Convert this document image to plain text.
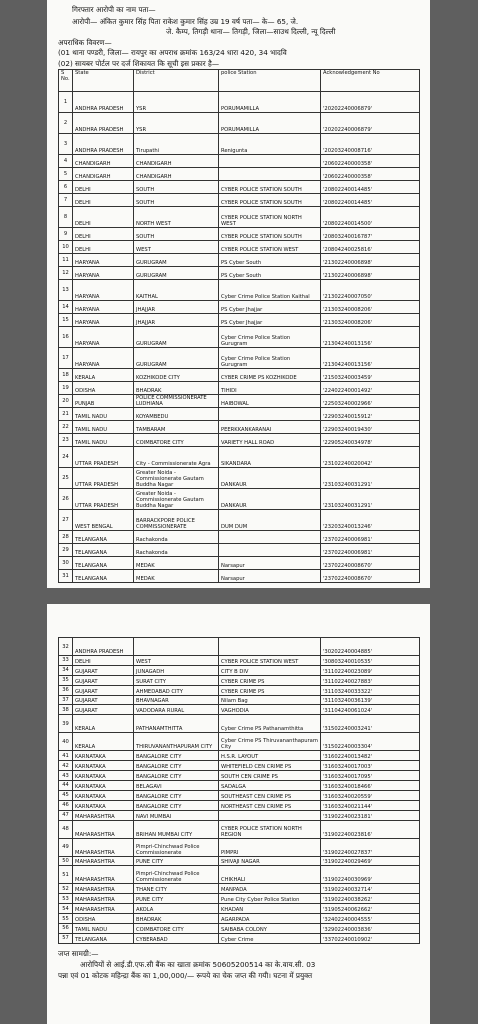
गिरफ्तार आरोपी का नाम पता—
आरोपी— अंकित कुमार सिंह पिता राकेश कुमार सिंह उम्र 19 वर्ष पता— के— 65, जे.
जे. कैम्प, तिगड़ी थाना— तिगड़ी, जिला—साउथ दिल्ली, न्यू दिल्ली
अपराधिक विवरण—
(01 थाना पण्डरी, जिला— रायपुर का अपराध क्रमांक 163/24 धारा 420, 34 भादवि
(02) सायबर पोर्टल पर दर्ज शिकायत कि सूची इस प्रकार है—
S No.	State	District	police Station	Acknowledgement No
1	ANDHRA PRADESH	YSR	PORUMAMILLA	'20202240006879'
2	ANDHRA PRADESH	YSR	PORUMAMILLA	'20202240006879'
3	ANDHRA PRADESH	Tirupathi	Renigunta	'20203240008716'
4	CHANDIGARH	CHANDIGARH		'20602240000358'
5	CHANDIGARH	CHANDIGARH		'20602240000358'
6	DELHI	SOUTH	CYBER POLICE STATION SOUTH	'20802240014485'
7	DELHI	SOUTH	CYBER POLICE STATION SOUTH	'20802240014485'
8	DELHI	NORTH WEST	CYBER POLICE STATION NORTH WEST	'20802240014500'
9	DELHI	SOUTH	CYBER POLICE STATION SOUTH	'20803240016787'
10	DELHI	WEST	CYBER POLICE STATION WEST	'20804240025816'
11	HARYANA	GURUGRAM	PS Cyber South	'21302240006898'
12	HARYANA	GURUGRAM	PS Cyber South	'21302240006898'
13	HARYANA	KAITHAL	Cyber Crime Police Station Kaithal	'21302240007050'
14	HARYANA	JHAJJAR	PS Cyber Jhajjar	'21303240008206'
15	HARYANA	JHAJJAR	PS Cyber Jhajjar	'21303240008206'
16	HARYANA	GURUGRAM	Cyber Crime Police Station Gurugram	'21304240013156'
17	HARYANA	GURUGRAM	Cyber Crime Police Station Gurugram	'21304240013156'
18	KERALA	KOZHIKODE CITY	CYBER CRIME PS KOZHIKODE	'21503240003459'
19	ODISHA	BHADRAK	TIHIDI	'22402240001492'
20	PUNJAB	POLICE COMMISSIONERATE LUDHIANA	HAIBOWAL	'22503240002966'
21	TAMIL NADU	KOYAMBEDU		'22903240015912'
22	TAMIL NADU	TAMBARAM	PEERKKANKARANAI	'22903240019430'
23	TAMIL NADU	COIMBATORE CITY	VARIETY HALL ROAD	'22905240034978'
24	UTTAR PRADESH	City - Commissionerate Agra	SIKANDARA	'23102240020042'
25	UTTAR PRADESH	Greater Noida - Commissionerate Gautam Buddha Nagar	DANKAUR	'23103240031291'
26	UTTAR PRADESH	Greater Noida - Commissionerate Gautam Buddha Nagar	DANKAUR	'23103240031291'
27	WEST BENGAL	BARRACKPORE POLICE COMMISSIONERATE	DUM DUM	'23203240013246'
28	TELANGANA	Rachakonda		'23702240006981'
29	TELANGANA	Rachakonda		'23702240006981'
30	TELANGANA	MEDAK	Narsapur	'23702240008670'
31	TELANGANA	MEDAK	Narsapur	'23702240008670'
32	ANDHRA PRADESH			'30202240004885'
33	DELHI	WEST	CYBER POLICE STATION WEST	'30803240010535'
34	GUJARAT	JUNAGADH	CITY B DIV	'31102240023089'
35	GUJARAT	SURAT CITY	CYBER CRIME PS	'31102240027883'
36	GUJARAT	AHMEDABAD CITY	CYBER CRIME PS	'31103240033322'
37	GUJARAT	BHAVNAGAR	Nilam Bag	'31103240036139'
38	GUJARAT	VADODARA RURAL	VAGHODIA	'31104240061024'
39	KERALA	PATHANAMTHITTA	Cyber Crime PS Pathanamthitta	'31502240003241'
40	KERALA	THIRUVANANTHAPURAM CITY	Cyber Crime PS Thiruvananthapuram City	'31502240003304'
41	KARNATAKA	BANGALORE CITY	H.S.R. LAYOUT	'31602240013482'
42	KARNATAKA	BANGALORE CITY	WHITEFIELD CEN CRIME PS	'31603240017003'
43	KARNATAKA	BANGALORE CITY	SOUTH CEN CRIME PS	'31603240017095'
44	KARNATAKA	BELAGAVI	SADALGA	'31603240018466'
45	KARNATAKA	BANGALORE CITY	SOUTHEAST CEN CRIME PS	'31603240020559'
46	KARNATAKA	BANGALORE CITY	NORTHEAST CEN CRIME PS	'31603240021144'
47	MAHARASHTRA	NAVI MUMBAI		'31902240023181'
48	MAHARASHTRA	BRIHAN MUMBAI CITY	CYBER POLICE STATION NORTH REGION	'31902240023816'
49	MAHARASHTRA	Pimpri-Chinchwad Police Commissionerate	PIMPRI	'31902240027837'
50	MAHARASHTRA	PUNE CITY	SHIVAJI NAGAR	'31902240029469'
51	MAHARASHTRA	Pimpri-Chinchwad Police Commissionerate	CHIKHALI	'31902240030969'
52	MAHARASHTRA	THANE CITY	MANPADA	'31902240032714'
53	MAHARASHTRA	PUNE CITY	Pune City Cyber Police Station	'31902240038262'
54	MAHARASHTRA	AKOLA	KHADAN	'31905240062662'
55	ODISHA	BHADRAK	AGARPADA	'32402240004555'
56	TAMIL NADU	COIMBATORE CITY	SAIBABA COLONY	'32902240003836'
57	TELANGANA	CYBERABAD	Cyber Crime	'33702240010902'
जप्त सामग्री:—
आरोपियों से आई.डी.एफ.सी बैंक का खाता क्रमांक 50605200514 का के.वाय.सी. 03
पन्ना एवं 01 कोटक महिन्द्रा बैंक का 1,00,000/— रूपये का चेक जप्त की गयी। घटना में प्रयुक्त
